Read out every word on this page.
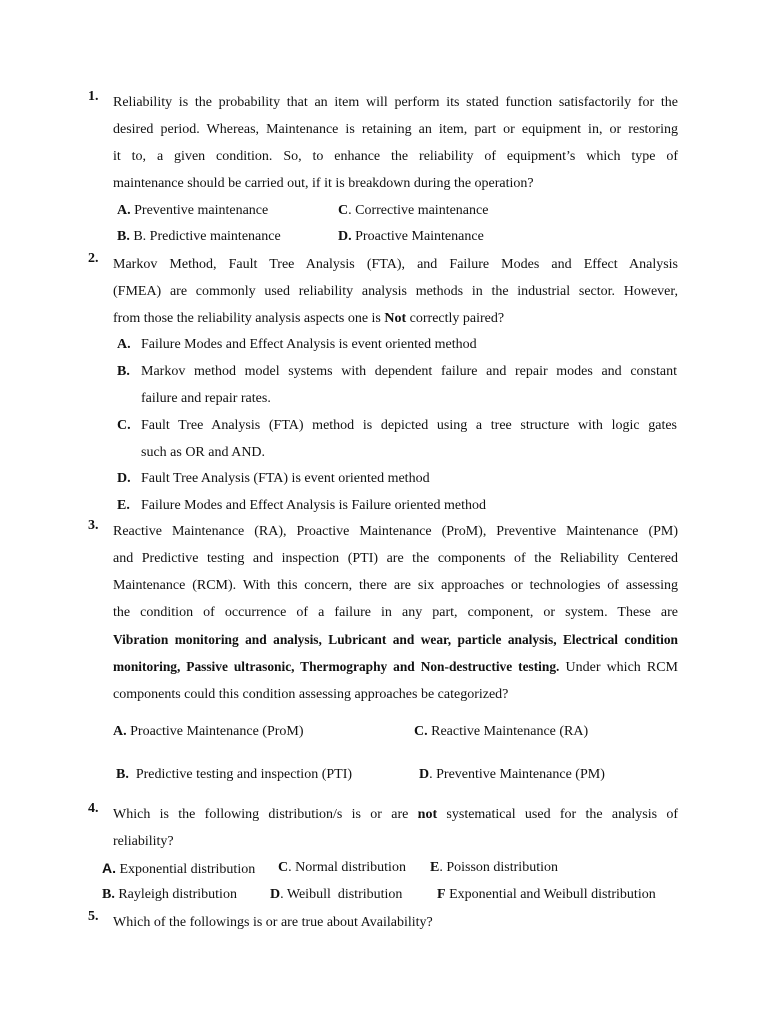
1. Reliability is the probability that an item will perform its stated function satisfactorily for the
desired period. Whereas, Maintenance is retaining an item, part or equipment in, or restoring
it to, a given condition. So, to enhance the reliability of equipment’s which type of
maintenance should be carried out, if it is breakdown during the operation?
A. Preventive maintenance	C. Corrective maintenance
B. B. Predictive maintenance	D. Proactive Maintenance
2. Markov Method, Fault Tree Analysis (FTA), and Failure Modes and Effect Analysis
(FMEA) are commonly used reliability analysis methods in the industrial sector. However,
from those the reliability analysis aspects one is Not correctly paired?
A. Failure Modes and Effect Analysis is event oriented method
B. Markov method model systems with dependent failure and repair modes and constant
failure and repair rates.
C. Fault Tree Analysis (FTA) method is depicted using a tree structure with logic gates
such as OR and AND.
D. Fault Tree Analysis (FTA) is event oriented method
E. Failure Modes and Effect Analysis is Failure oriented method
3. Reactive Maintenance (RA), Proactive Maintenance (ProM), Preventive Maintenance (PM)
and Predictive testing and inspection (PTI) are the components of the Reliability Centered
Maintenance (RCM). With this concern, there are six approaches or technologies of assessing
the condition of occurrence of a failure in any part, component, or system. These are
Vibration monitoring and analysis, Lubricant and wear, particle analysis, Electrical condition
monitoring, Passive ultrasonic, Thermography and Non-destructive testing. Under which RCM
components could this condition assessing approaches be categorized?
A. Proactive Maintenance (ProM)	C. Reactive Maintenance (RA)
B.  Predictive testing and inspection (PTI)	D. Preventive Maintenance (PM)
4. Which is the following distribution/s is or are not systematical used for the analysis of
reliability?
A. Exponential distribution C. Normal distribution E. Poisson distribution
B. Rayleigh distribution D. Weibull  distribution F Exponential and Weibull distribution
5. Which of the followings is or are true about Availability?
